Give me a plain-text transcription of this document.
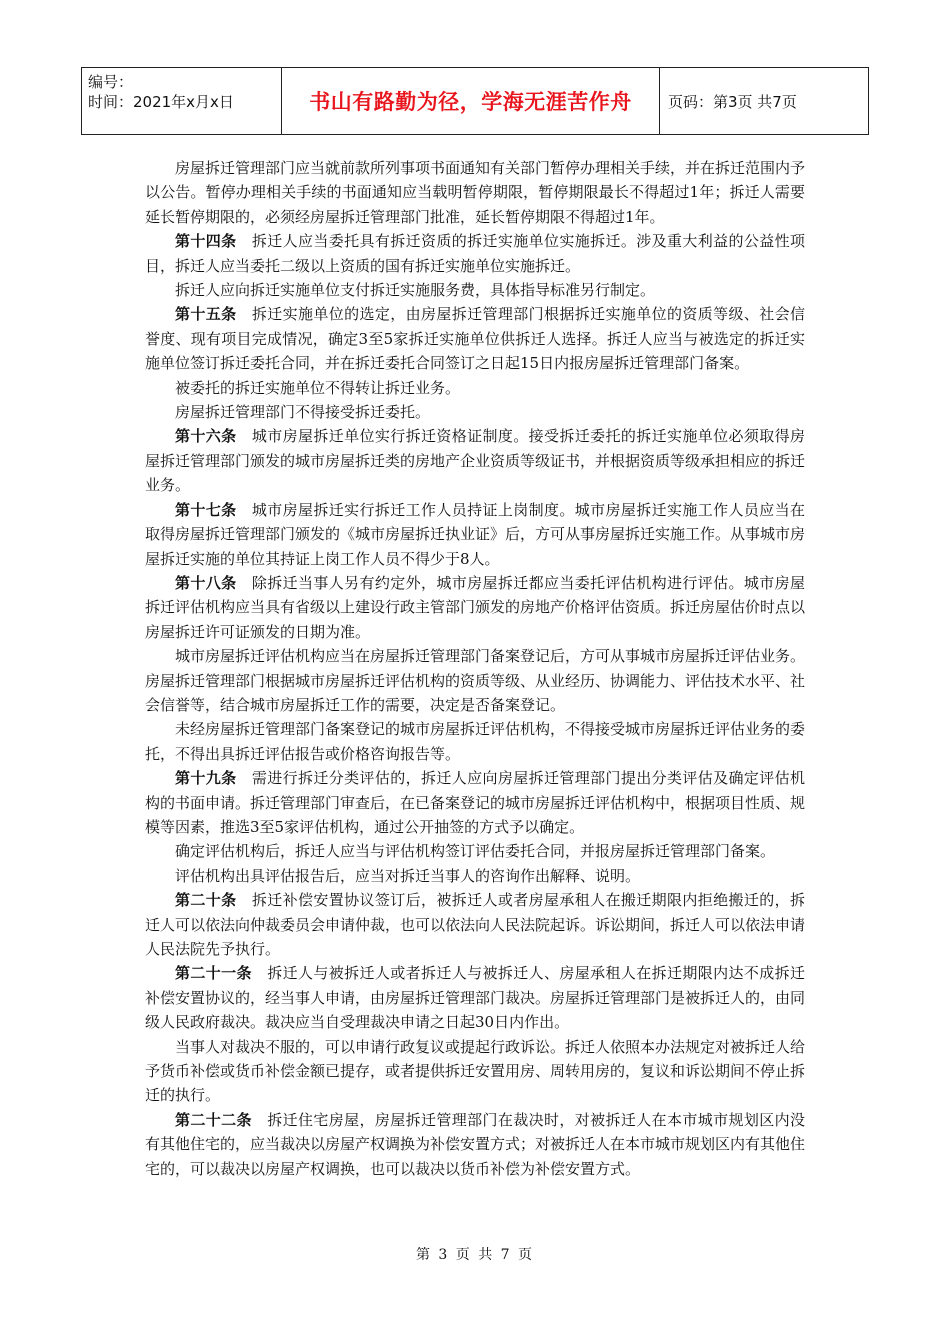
编号：
时间：2021年x月x日	书山有路勤为径，学海无涯苦作舟	页码：第3页 共7页

房屋拆迁管理部门应当就前款所列事项书面通知有关部门暂停办理相关手续，并在拆迁范围内予以公告。暂停办理相关手续的书面通知应当载明暂停期限，暂停期限最长不得超过1年；拆迁人需要延长暂停期限的，必须经房屋拆迁管理部门批准，延长暂停期限不得超过1年。

第十四条　拆迁人应当委托具有拆迁资质的拆迁实施单位实施拆迁。涉及重大利益的公益性项目，拆迁人应当委托二级以上资质的国有拆迁实施单位实施拆迁。

拆迁人应向拆迁实施单位支付拆迁实施服务费，具体指导标准另行制定。

第十五条　拆迁实施单位的选定，由房屋拆迁管理部门根据拆迁实施单位的资质等级、社会信誉度、现有项目完成情况，确定3至5家拆迁实施单位供拆迁人选择。拆迁人应当与被选定的拆迁实施单位签订拆迁委托合同，并在拆迁委托合同签订之日起15日内报房屋拆迁管理部门备案。

被委托的拆迁实施单位不得转让拆迁业务。

房屋拆迁管理部门不得接受拆迁委托。

第十六条　城市房屋拆迁单位实行拆迁资格证制度。接受拆迁委托的拆迁实施单位必须取得房屋拆迁管理部门颁发的城市房屋拆迁类的房地产企业资质等级证书，并根据资质等级承担相应的拆迁业务。

第十七条　城市房屋拆迁实行拆迁工作人员持证上岗制度。城市房屋拆迁实施工作人员应当在取得房屋拆迁管理部门颁发的《城市房屋拆迁执业证》后，方可从事房屋拆迁实施工作。从事城市房屋拆迁实施的单位其持证上岗工作人员不得少于8人。

第十八条　除拆迁当事人另有约定外，城市房屋拆迁都应当委托评估机构进行评估。城市房屋拆迁评估机构应当具有省级以上建设行政主管部门颁发的房地产价格评估资质。拆迁房屋估价时点以房屋拆迁许可证颁发的日期为准。

城市房屋拆迁评估机构应当在房屋拆迁管理部门备案登记后，方可从事城市房屋拆迁评估业务。房屋拆迁管理部门根据城市房屋拆迁评估机构的资质等级、从业经历、协调能力、评估技术水平、社会信誉等，结合城市房屋拆迁工作的需要，决定是否备案登记。

未经房屋拆迁管理部门备案登记的城市房屋拆迁评估机构，不得接受城市房屋拆迁评估业务的委托，不得出具拆迁评估报告或价格咨询报告等。

第十九条　需进行拆迁分类评估的，拆迁人应向房屋拆迁管理部门提出分类评估及确定评估机构的书面申请。拆迁管理部门审查后，在已备案登记的城市房屋拆迁评估机构中，根据项目性质、规模等因素，推选3至5家评估机构，通过公开抽签的方式予以确定。

确定评估机构后，拆迁人应当与评估机构签订评估委托合同，并报房屋拆迁管理部门备案。

评估机构出具评估报告后，应当对拆迁当事人的咨询作出解释、说明。

第二十条　拆迁补偿安置协议签订后，被拆迁人或者房屋承租人在搬迁期限内拒绝搬迁的，拆迁人可以依法向仲裁委员会申请仲裁，也可以依法向人民法院起诉。诉讼期间，拆迁人可以依法申请人民法院先予执行。

第二十一条　拆迁人与被拆迁人或者拆迁人与被拆迁人、房屋承租人在拆迁期限内达不成拆迁补偿安置协议的，经当事人申请，由房屋拆迁管理部门裁决。房屋拆迁管理部门是被拆迁人的，由同级人民政府裁决。裁决应当自受理裁决申请之日起30日内作出。

当事人对裁决不服的，可以申请行政复议或提起行政诉讼。拆迁人依照本办法规定对被拆迁人给予货币补偿或货币补偿金额已提存，或者提供拆迁安置用房、周转用房的，复议和诉讼期间不停止拆迁的执行。

第二十二条　拆迁住宅房屋，房屋拆迁管理部门在裁决时，对被拆迁人在本市城市规划区内没有其他住宅的，应当裁决以房屋产权调换为补偿安置方式；对被拆迁人在本市城市规划区内有其他住宅的，可以裁决以房屋产权调换，也可以裁决以货币补偿为补偿安置方式。

第 3 页 共 7 页
